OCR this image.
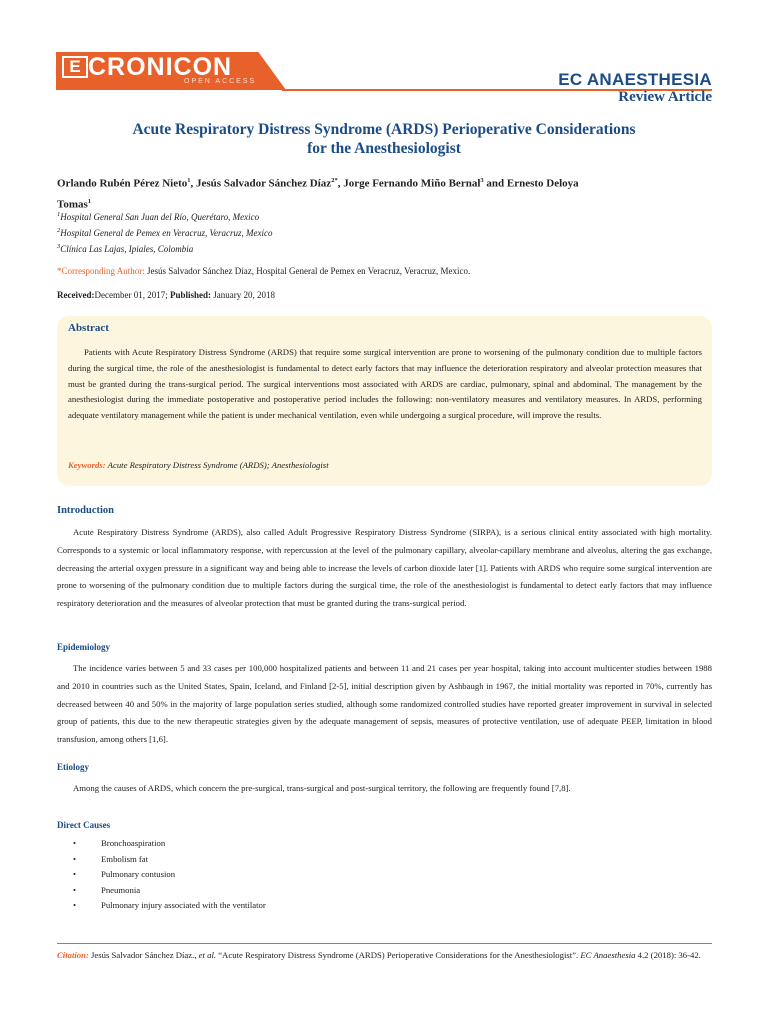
E CRONICON
OPEN ACCESS	EC ANAESTHESIA
Review Article
Acute Respiratory Distress Syndrome (ARDS) Perioperative Considerations
for the Anesthesiologist
Orlando Rubén Pérez Nieto$^1$, Jesús Salvador Sánchez Díaz$^{2*}$, Jorge Fernando Miño Bernal$^3$ and Ernesto Deloya
Tomas$^1$
$^1$Hospital General San Juan del Río, Querétaro, Mexico
$^2$Hospital General de Pemex en Veracruz, Veracruz, Mexico
$^3$Clínica Las Lajas, Ipiales, Colombia
*Corresponding Author: Jesús Salvador Sánchez Díaz, Hospital General de Pemex en Veracruz, Veracruz, Mexico.
Received:December 01, 2017; Published: January 20, 2018
Abstract
Patients with Acute Respiratory Distress Syndrome (ARDS) that require some surgical intervention are prone to worsening of the pulmonary condition due to multiple factors during the surgical time, the role of the anesthesiologist is fundamental to detect early factors that may influence the deterioration respiratory and alveolar protection measures that must be granted during the trans-surgical period. The surgical interventions most associated with ARDS are cardiac, pulmonary, spinal and abdominal. The management by the anesthesiologist during the immediate postoperative and postoperative period includes the following: non-ventilatory measures and ventilatory measures. In ARDS, performing adequate ventilatory management while the patient is under mechanical ventilation, even while undergoing a surgical procedure, will improve the results.
Keywords: Acute Respiratory Distress Syndrome (ARDS); Anesthesiologist
Introduction
Acute Respiratory Distress Syndrome (ARDS), also called Adult Progressive Respiratory Distress Syndrome (SIRPA), is a serious clinical entity associated with high mortality. Corresponds to a systemic or local inflammatory response, with repercussion at the level of the pulmonary capillary, alveolar-capillary membrane and alveolus, altering the gas exchange, decreasing the arterial oxygen pressure in a significant way and being able to increase the levels of carbon dioxide later [1]. Patients with ARDS who require some surgical intervention are prone to worsening of the pulmonary condition due to multiple factors during the surgical time, the role of the anesthesiologist is fundamental to detect early factors that may influence respiratory deterioration and the measures of alveolar protection that must be granted during the trans-surgical period.
Epidemiology
The incidence varies between 5 and 33 cases per 100,000 hospitalized patients and between 11 and 21 cases per year hospital, taking into account multicenter studies between 1988 and 2010 in countries such as the United States, Spain, Iceland, and Finland [2-5], initial description given by Ashbaugh in 1967, the initial mortality was reported in 70%, currently has decreased between 40 and 50% in the majority of large population series studied, although some randomized controlled studies have reported greater improvement in survival in selected group of patients, this due to the new therapeutic strategies given by the adequate management of sepsis, measures of protective ventilation, use of adequate PEEP, limitation in blood transfusion, among others [1,6].
Etiology
Among the causes of ARDS, which concern the pre-surgical, trans-surgical and post-surgical territory, the following are frequently found [7,8].
Direct Causes
• Bronchoaspiration
• Embolism fat
• Pulmonary contusion
• Pneumonia
• Pulmonary injury associated with the ventilator
Citation: Jesús Salvador Sánchez Díaz., et al. “Acute Respiratory Distress Syndrome (ARDS) Perioperative Considerations for the Anesthesiologist”. EC Anaesthesia 4.2 (2018): 36-42.
